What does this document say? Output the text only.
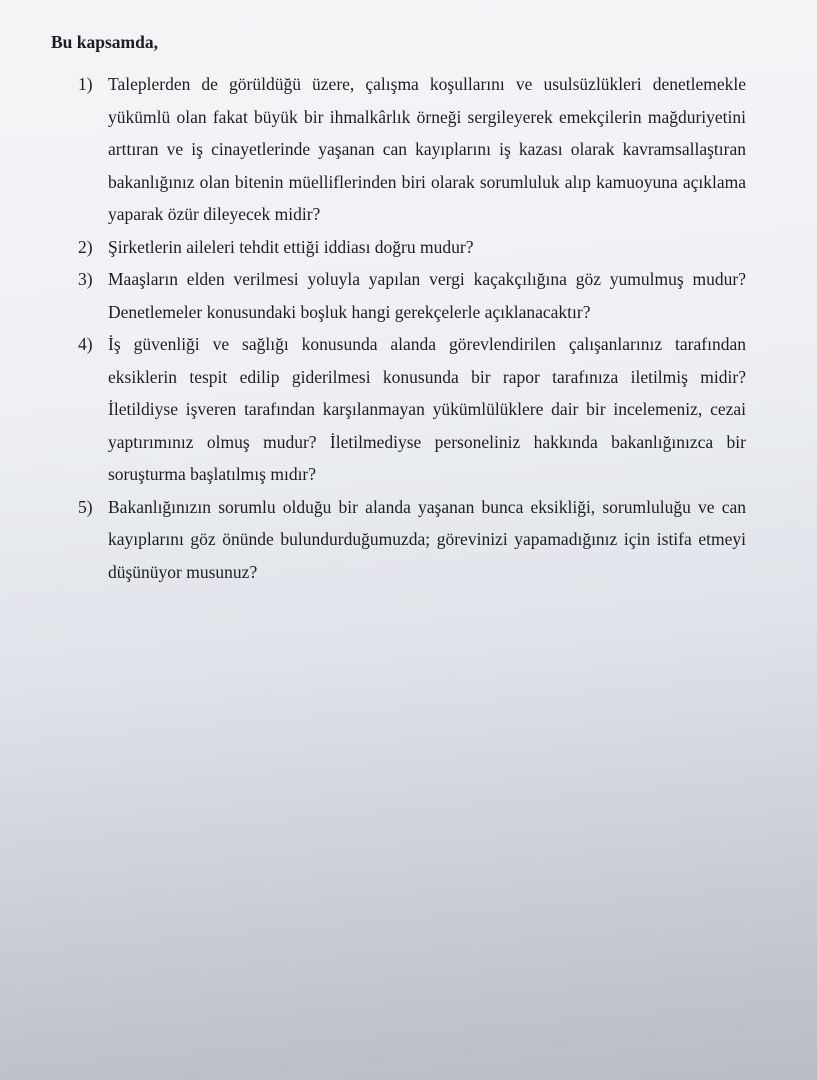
Bu kapsamda,

1) Taleplerden de görüldüğü üzere, çalışma koşullarını ve usulsüzlükleri denetlemekle yükümlü olan fakat büyük bir ihmalkârlık örneği sergileyerek emekçilerin mağduriyetini arttıran ve iş cinayetlerinde yaşanan can kayıplarını iş kazası olarak kavramsallaştıran bakanlığınız olan bitenin müelliflerinden biri olarak sorumluluk alıp kamuoyuna açıklama yaparak özür dileyecek midir?
2) Şirketlerin aileleri tehdit ettiği iddiası doğru mudur?
3) Maaşların elden verilmesi yoluyla yapılan vergi kaçakçılığına göz yumulmuş mudur? Denetlemeler konusundaki boşluk hangi gerekçelerle açıklanacaktır?
4) İş güvenliği ve sağlığı konusunda alanda görevlendirilen çalışanlarınız tarafından eksiklerin tespit edilip giderilmesi konusunda bir rapor tarafınıza iletilmiş midir? İletildiyse işveren tarafından karşılanmayan yükümlülüklere dair bir incelemeniz, cezai yaptırımınız olmuş mudur? İletilmediyse personeliniz hakkında bakanlığınızca bir soruşturma başlatılmış mıdır?
5) Bakanlığınızın sorumlu olduğu bir alanda yaşanan bunca eksikliği, sorumluluğu ve can kayıplarını göz önünde bulundurduğumuzda; görevinizi yapamadığınız için istifa etmeyi düşünüyor musunuz?
